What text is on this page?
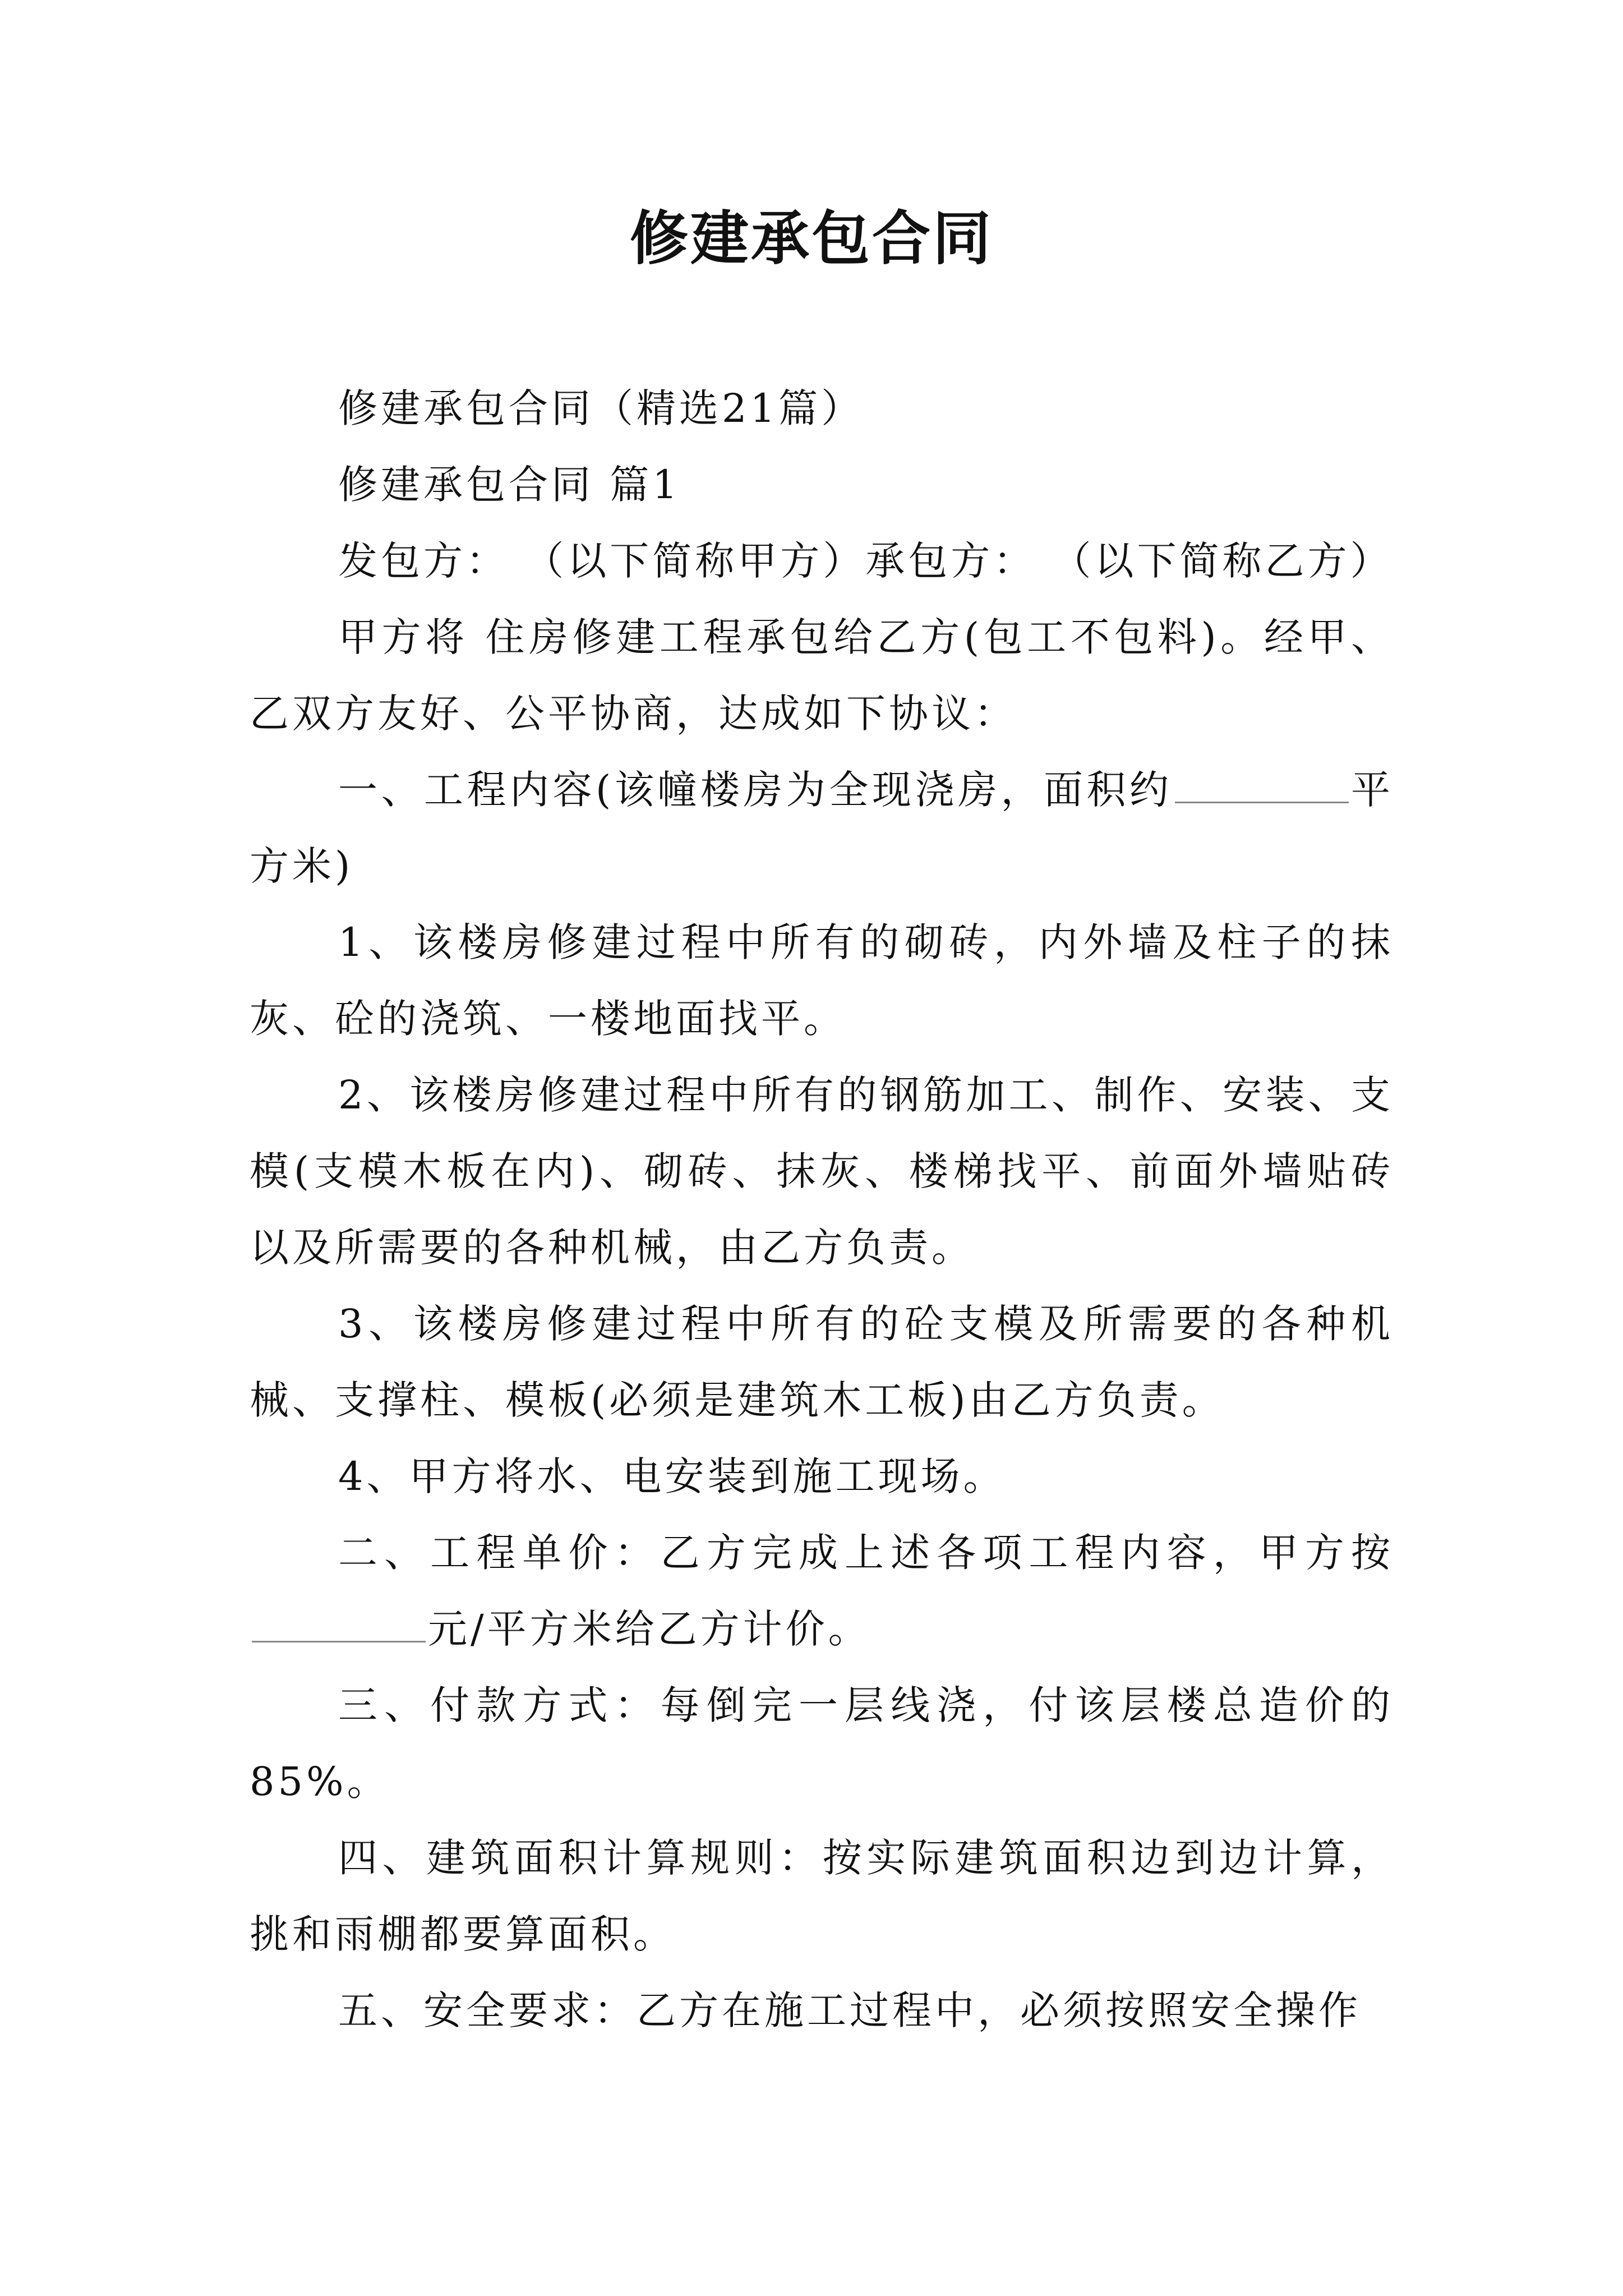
修建承包合同

修建承包合同（精选21篇）

修建承包合同 篇1

发包方： （以下简称甲方）承包方： （以下简称乙方）

甲方将 住房修建工程承包给乙方(包工不包料)。经甲、乙双方友好、公平协商，达成如下协议：

一、工程内容(该幢楼房为全现浇房，面积约	平方米)

1、该楼房修建过程中所有的砌砖，内外墙及柱子的抹灰、砼的浇筑、一楼地面找平。

2、该楼房修建过程中所有的钢筋加工、制作、安装、支模(支模木板在内)、砌砖、抹灰、楼梯找平、前面外墙贴砖以及所需要的各种机械，由乙方负责。

3、该楼房修建过程中所有的砼支模及所需要的各种机械、支撑柱、模板(必须是建筑木工板)由乙方负责。

4、甲方将水、电安装到施工现场。

二、工程单价：乙方完成上述各项工程内容，甲方按元/平方米给乙方计价。

三、付款方式：每倒完一层线浇，付该层楼总造价的85%。

四、建筑面积计算规则：按实际建筑面积边到边计算，挑和雨棚都要算面积。

五、安全要求：乙方在施工过程中，必须按照安全操作
